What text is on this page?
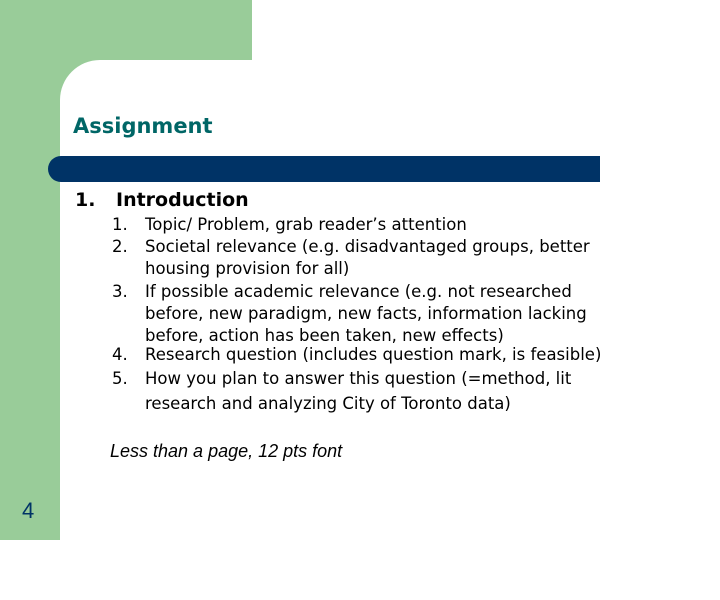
Assignment
1. Introduction
1.	Topic/ Problem, grab reader’s attention
2.	Societal relevance (e.g. disadvantaged groups, better
housing provision for all)
3.	If possible academic relevance (e.g. not researched
before, new paradigm, new facts, information lacking
before, action has been taken, new effects)
4.	Research question (includes question mark, is feasible)
5.	How you plan to answer this question (=method, lit
research and analyzing City of Toronto data)
Less than a page, 12 pts font
4
